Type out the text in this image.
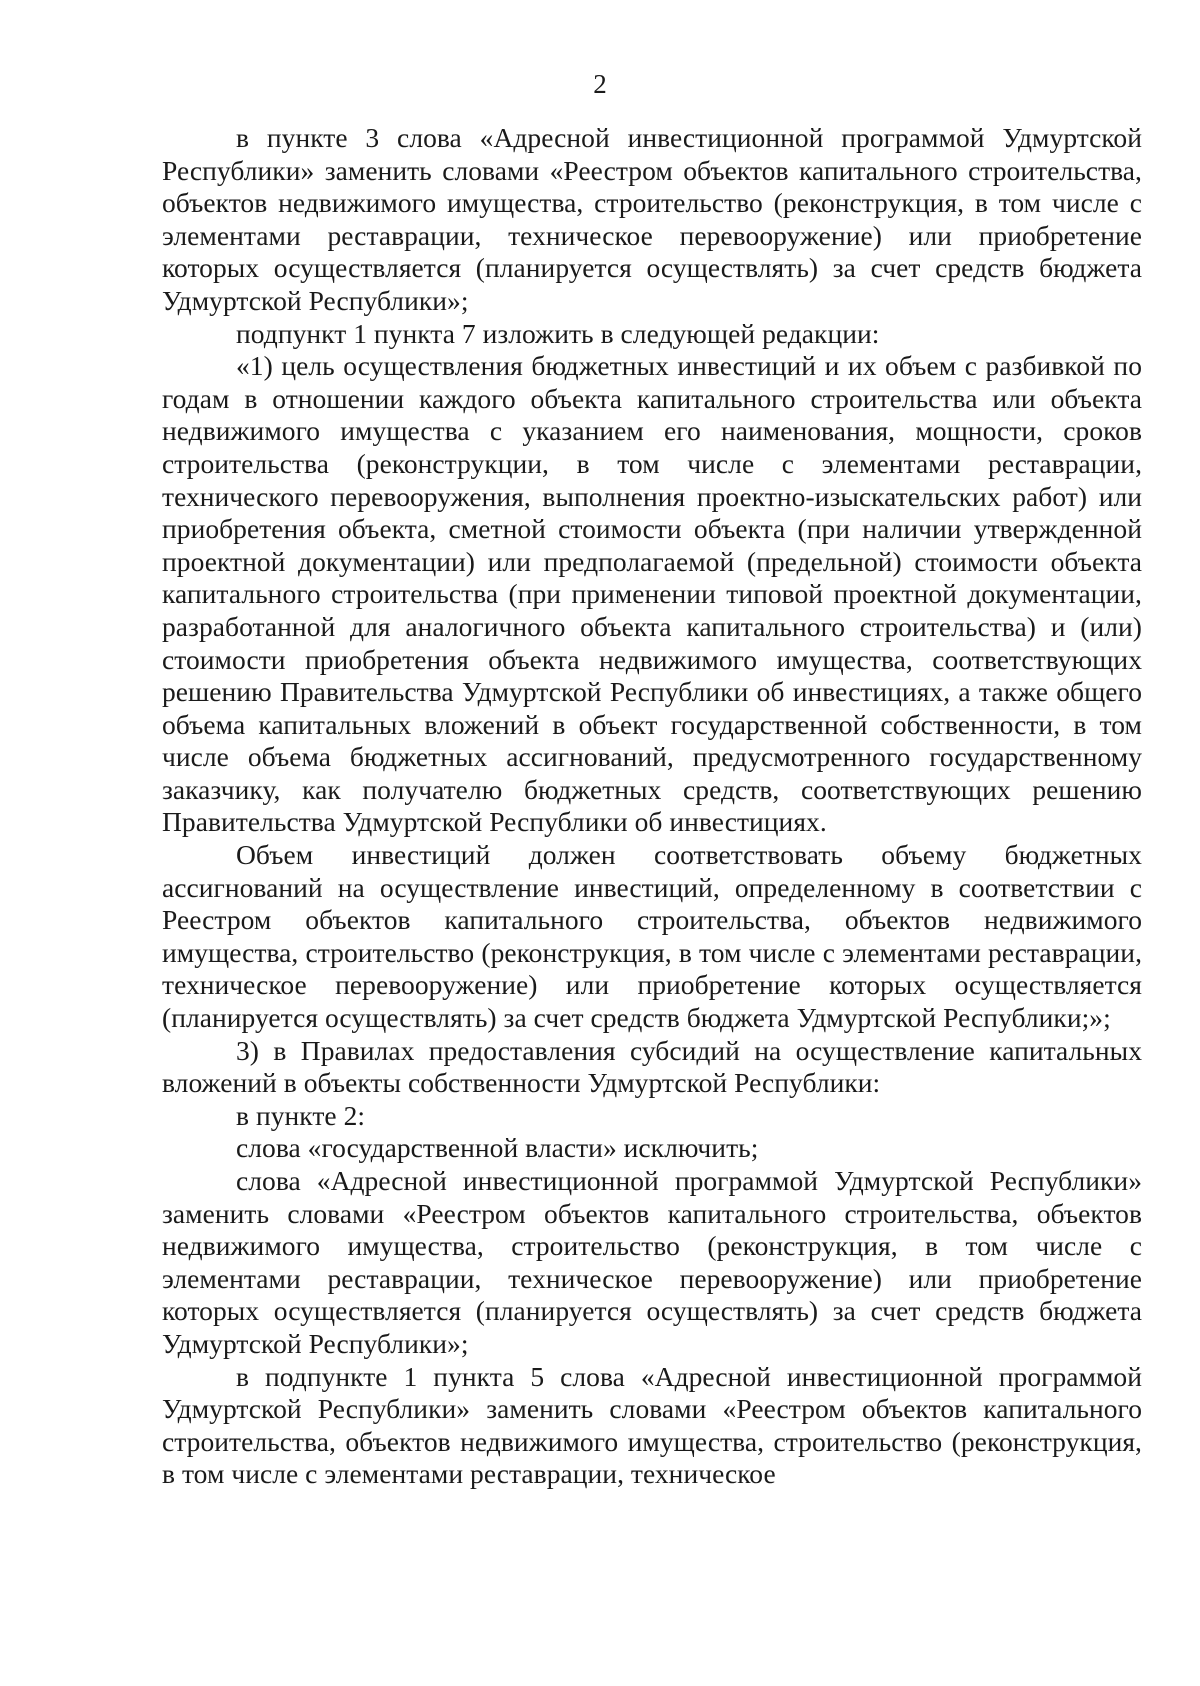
2

в пункте 3 слова «Адресной инвестиционной программой Удмуртской Республики» заменить словами «Реестром объектов капитального строительства, объектов недвижимого имущества, строительство (реконструкция, в том числе с элементами реставрации, техническое перевооружение) или приобретение которых осуществляется (планируется осуществлять) за счет средств бюджета Удмуртской Республики»;

подпункт 1 пункта 7 изложить в следующей редакции:

«1) цель осуществления бюджетных инвестиций и их объем с разбивкой по годам в отношении каждого объекта капитального строительства или объекта недвижимого имущества с указанием его наименования, мощности, сроков строительства (реконструкции, в том числе с элементами реставрации, технического перевооружения, выполнения проектно-изыскательских работ) или приобретения объекта, сметной стоимости объекта (при наличии утвержденной проектной документации) или предполагаемой (предельной) стоимости объекта капитального строительства (при применении типовой проектной документации, разработанной для аналогичного объекта капитального строительства) и (или) стоимости приобретения объекта недвижимого имущества, соответствующих решению Правительства Удмуртской Республики об инвестициях, а также общего объема капитальных вложений в объект государственной собственности, в том числе объема бюджетных ассигнований, предусмотренного государственному заказчику, как получателю бюджетных средств, соответствующих решению Правительства Удмуртской Республики об инвестициях.

Объем инвестиций должен соответствовать объему бюджетных ассигнований на осуществление инвестиций, определенному в соответствии с Реестром объектов капитального строительства, объектов недвижимого имущества, строительство (реконструкция, в том числе с элементами реставрации, техническое перевооружение) или приобретение которых осуществляется (планируется осуществлять) за счет средств бюджета Удмуртской Республики;»;

3) в Правилах предоставления субсидий на осуществление капитальных вложений в объекты собственности Удмуртской Республики:

в пункте 2:

слова «государственной власти» исключить;

слова «Адресной инвестиционной программой Удмуртской Республики» заменить словами «Реестром объектов капитального строительства, объектов недвижимого имущества, строительство (реконструкция, в том числе с элементами реставрации, техническое перевооружение) или приобретение которых осуществляется (планируется осуществлять) за счет средств бюджета Удмуртской Республики»;

в подпункте 1 пункта 5 слова «Адресной инвестиционной программой Удмуртской Республики» заменить словами «Реестром объектов капитального строительства, объектов недвижимого имущества, строительство (реконструкция, в том числе с элементами реставрации, техническое
